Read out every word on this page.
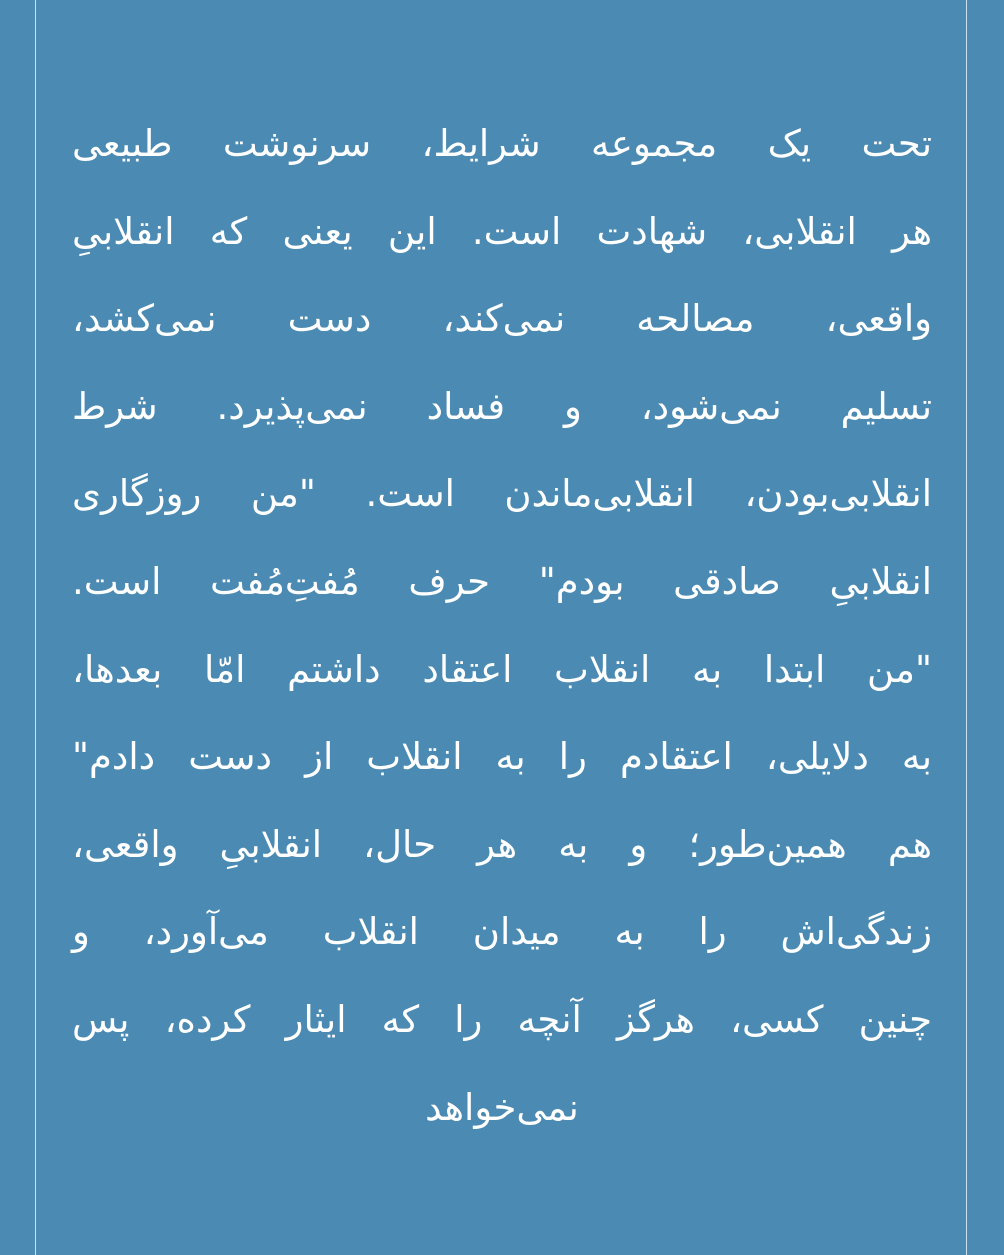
تحت یک مجموعه شرایط، سرنوشت طبیعی
هر انقلابی، شهادت است. این یعنی که انقلابیِ
واقعی، مصالحه نمی‌کند، دست نمی‌کشد،
تسلیم نمی‌شود، و فساد نمی‌پذیرد. شرط
انقلابی‌بودن، انقلابی‌ماندن است. "من روزگاری
انقلابیِ صادقی بودم" حرف مُفتِ‌مُفت است.
"من ابتدا به انقلاب اعتقاد داشتم امّا بعدها،
به دلایلی، اعتقادم را به انقلاب از دست دادم"
هم همین‌طور؛ و به هر حال، انقلابیِ واقعی،
زندگی‌اش را به میدان انقلاب می‌آورد، و
چنین کسی، هرگز آنچه را که ایثار کرده، پس
نمی‌خواهد
